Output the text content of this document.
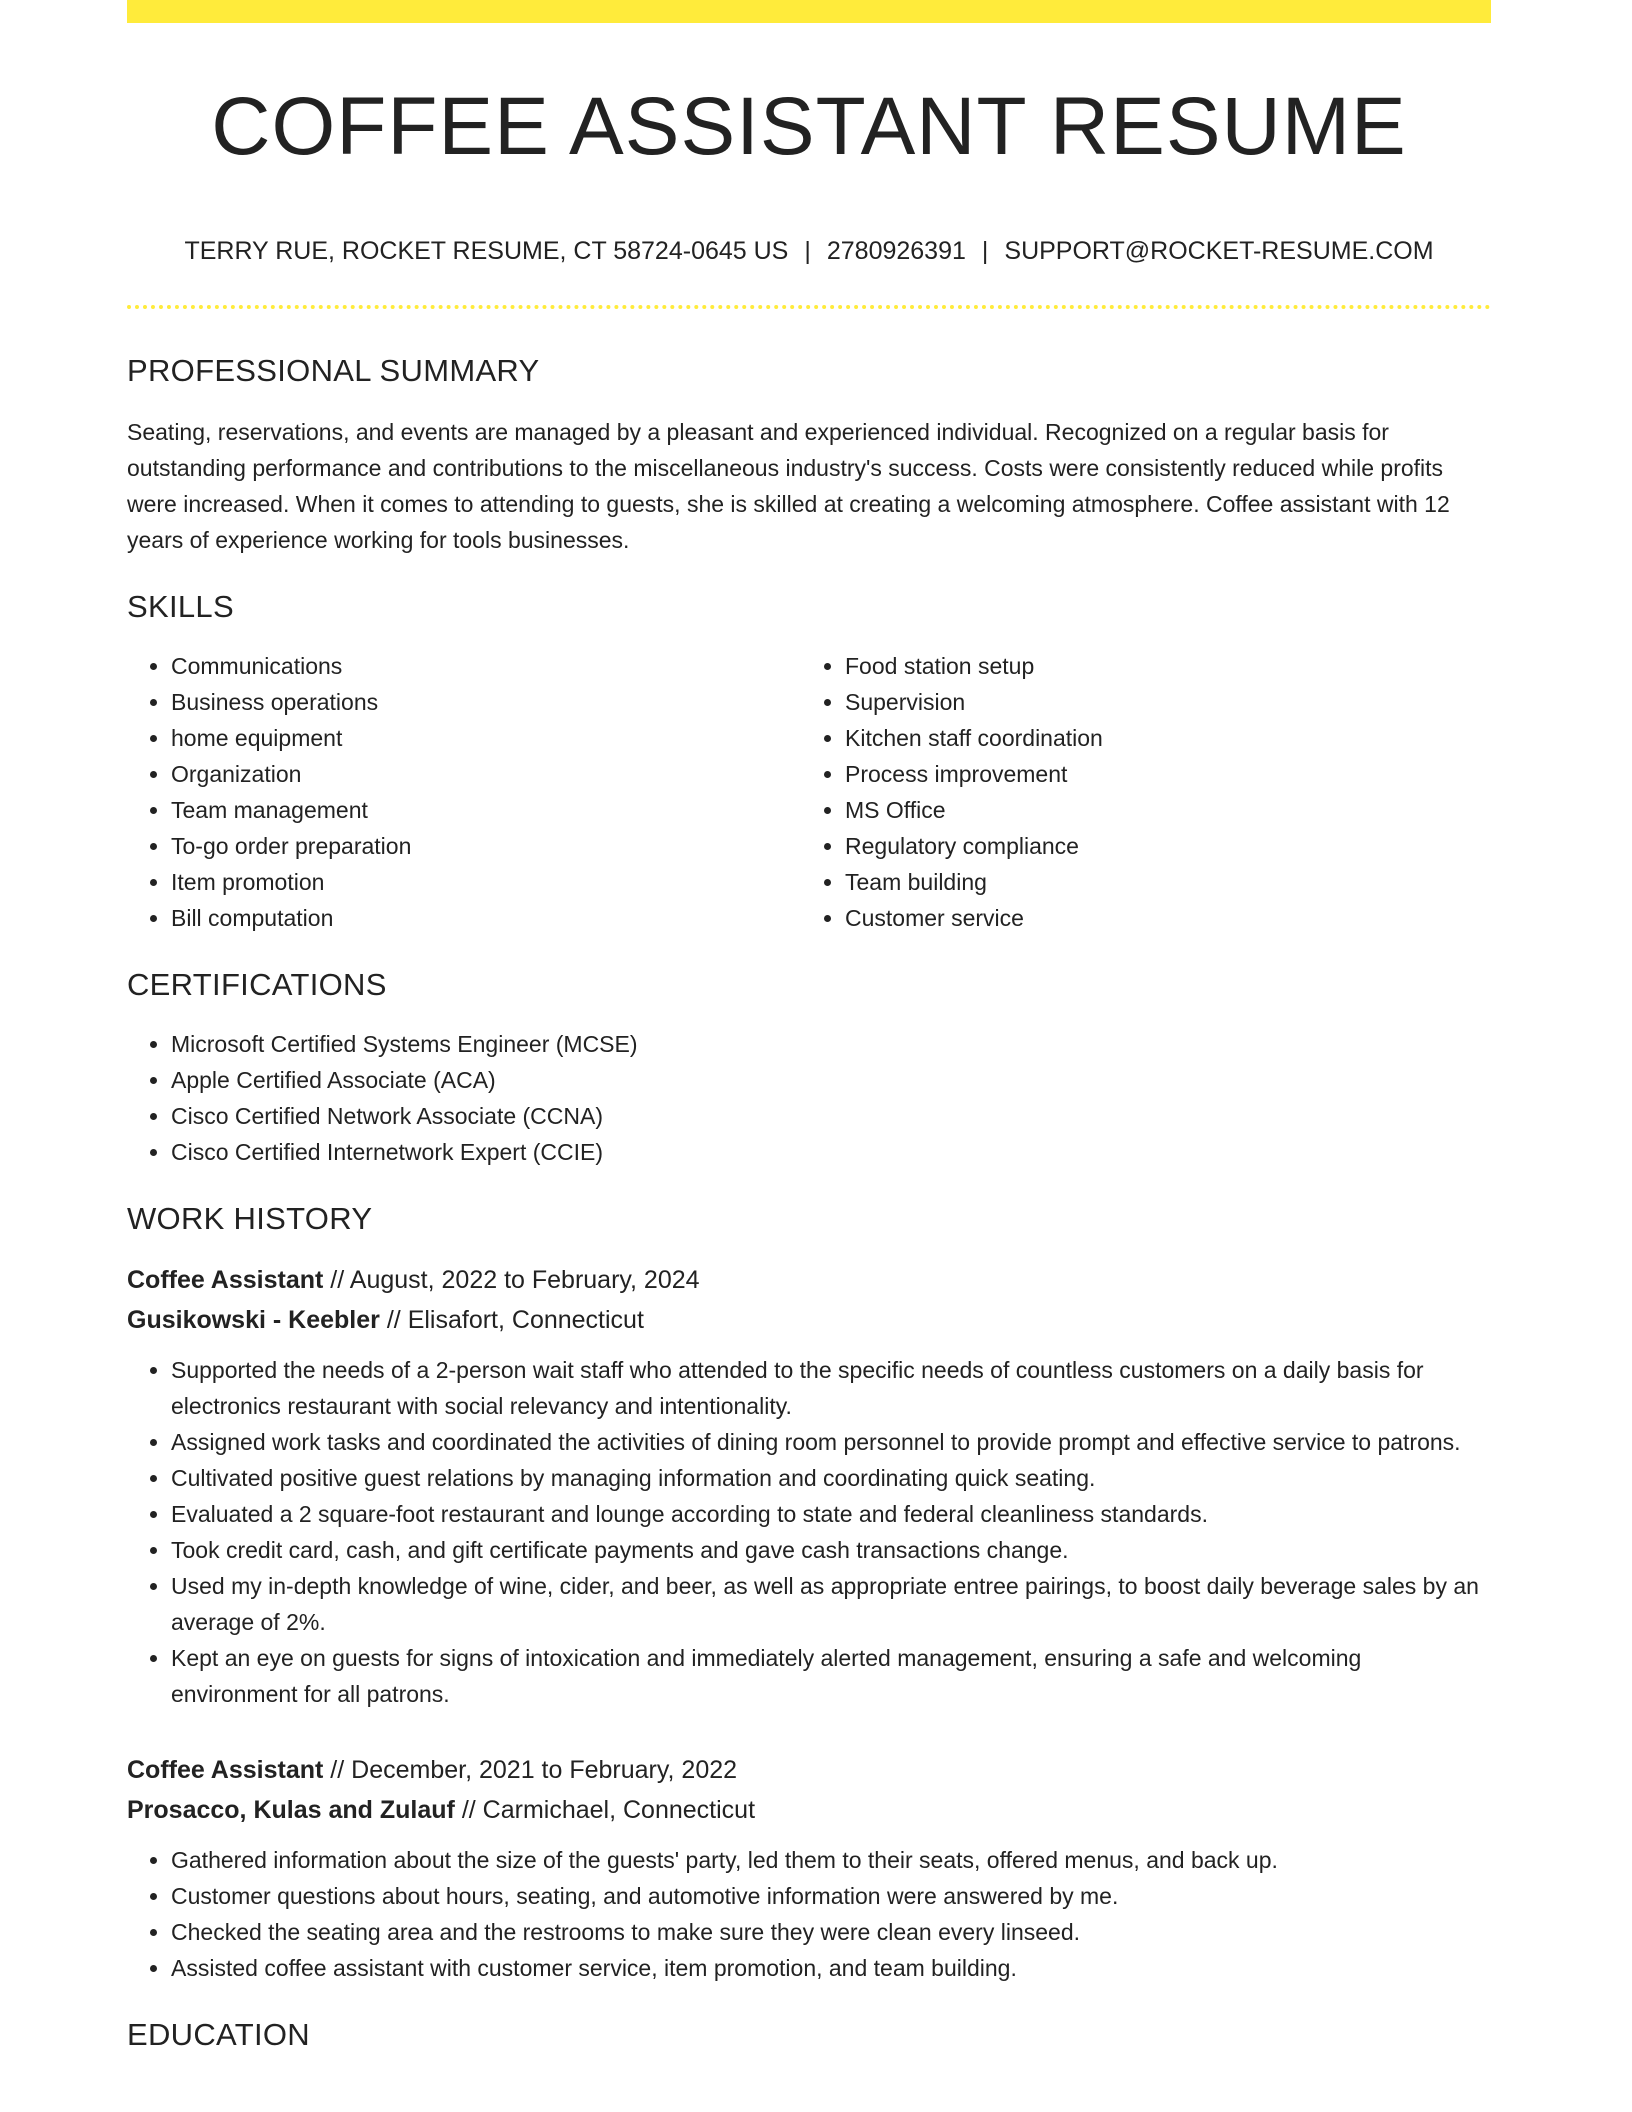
COFFEE ASSISTANT RESUME
TERRY RUE, ROCKET RESUME, CT 58724-0645 US | 2780926391 | SUPPORT@ROCKET-RESUME.COM
PROFESSIONAL SUMMARY

Seating, reservations, and events are managed by a pleasant and experienced individual. Recognized on a regular basis for outstanding performance and contributions to the miscellaneous industry's success. Costs were consistently reduced while profits were increased. When it comes to attending to guests, she is skilled at creating a welcoming atmosphere. Coffee assistant with 12 years of experience working for tools businesses.

SKILLS
• Communications
• Business operations
• home equipment
• Organization
• Team management
• To-go order preparation
• Item promotion
• Bill computation
• Food station setup
• Supervision
• Kitchen staff coordination
• Process improvement
• MS Office
• Regulatory compliance
• Team building
• Customer service
CERTIFICATIONS
• Microsoft Certified Systems Engineer (MCSE)
• Apple Certified Associate (ACA)
• Cisco Certified Network Associate (CCNA)
• Cisco Certified Internetwork Expert (CCIE)
WORK HISTORY
Coffee Assistant // August, 2022 to February, 2024
Gusikowski - Keebler // Elisafort, Connecticut
• Supported the needs of a 2-person wait staff who attended to the specific needs of countless customers on a daily basis for electronics restaurant with social relevancy and intentionality.
• Assigned work tasks and coordinated the activities of dining room personnel to provide prompt and effective service to patrons.
• Cultivated positive guest relations by managing information and coordinating quick seating.
• Evaluated a 2 square-foot restaurant and lounge according to state and federal cleanliness standards.
• Took credit card, cash, and gift certificate payments and gave cash transactions change.
• Used my in-depth knowledge of wine, cider, and beer, as well as appropriate entree pairings, to boost daily beverage sales by an average of 2%.
• Kept an eye on guests for signs of intoxication and immediately alerted management, ensuring a safe and welcoming environment for all patrons.
Coffee Assistant // December, 2021 to February, 2022
Prosacco, Kulas and Zulauf // Carmichael, Connecticut
• Gathered information about the size of the guests' party, led them to their seats, offered menus, and back up.
• Customer questions about hours, seating, and automotive information were answered by me.
• Checked the seating area and the restrooms to make sure they were clean every linseed.
• Assisted coffee assistant with customer service, item promotion, and team building.
EDUCATION
